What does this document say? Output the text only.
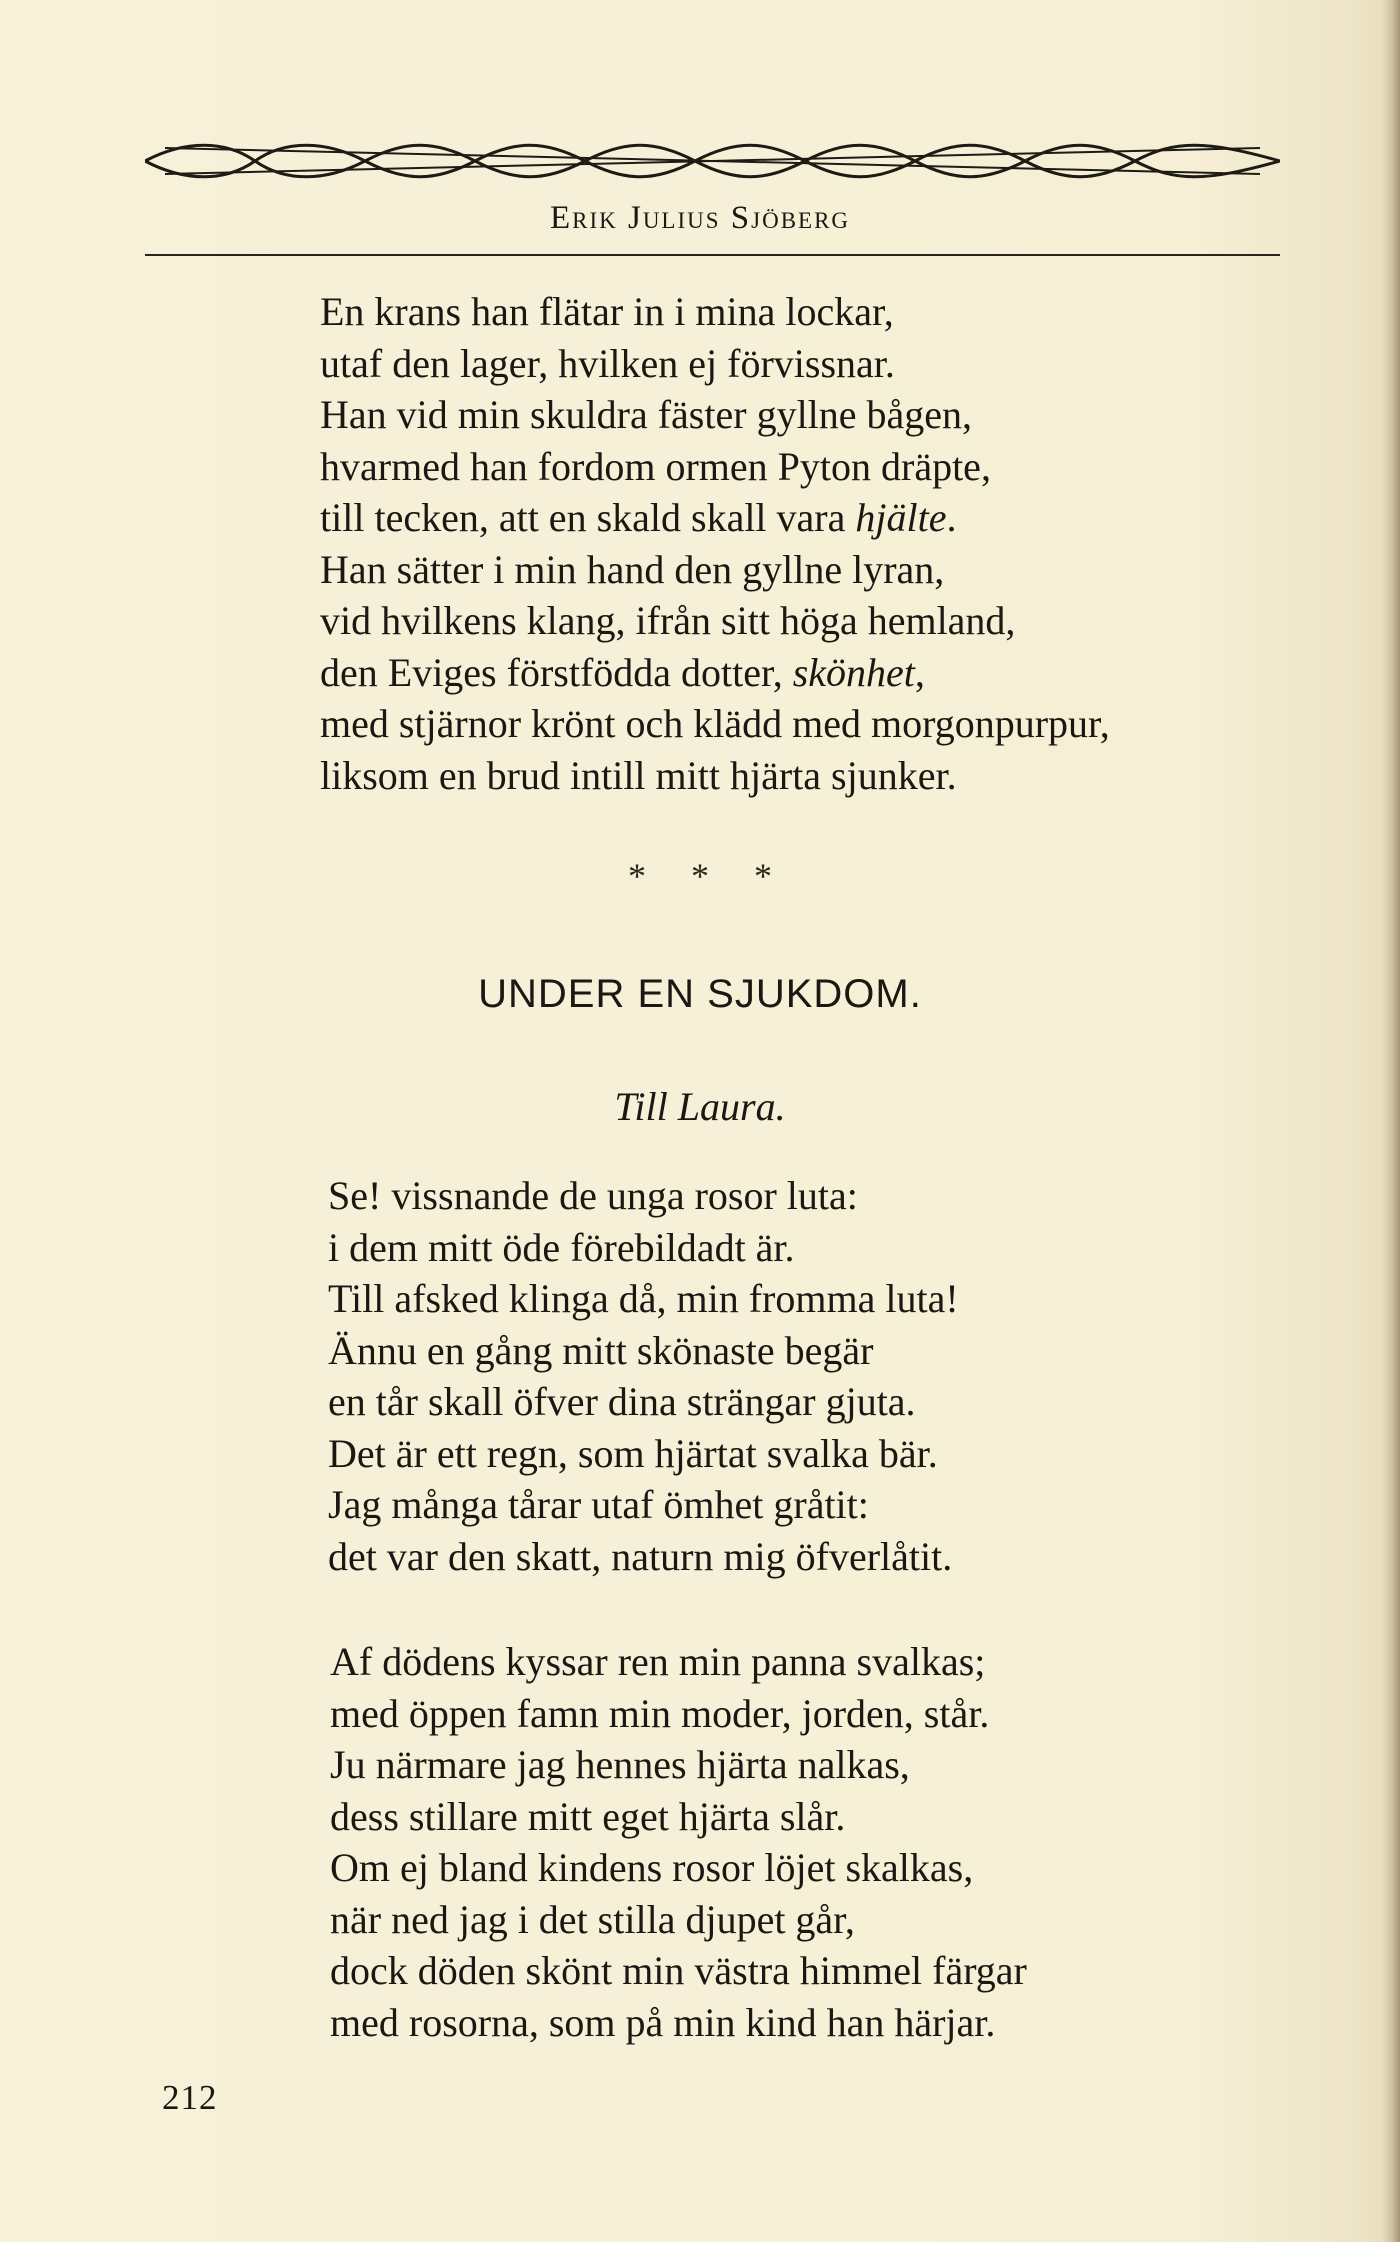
Erik Julius Sjöberg
En krans han flätar in i mina lockar,
utaf den lager, hvilken ej förvissnar.
Han vid min skuldra fäster gyllne bågen,
hvarmed han fordom ormen Pyton dräpte,
till tecken, att en skald skall vara hjälte.
Han sätter i min hand den gyllne lyran,
vid hvilkens klang, ifrån sitt höga hemland,
den Eviges förstfödda dotter, skönhet,
med stjärnor krönt och klädd med morgonpurpur,
liksom en brud intill mitt hjärta sjunker.
* * *
UNDER EN SJUKDOM.
Till Laura.
Se! vissnande de unga rosor luta:
i dem mitt öde förebildadt är.
Till afsked klinga då, min fromma luta!
Ännu en gång mitt skönaste begär
en tår skall öfver dina strängar gjuta.
Det är ett regn, som hjärtat svalka bär.
Jag många tårar utaf ömhet gråtit:
det var den skatt, naturn mig öfverlåtit.
Af dödens kyssar ren min panna svalkas;
med öppen famn min moder, jorden, står.
Ju närmare jag hennes hjärta nalkas,
dess stillare mitt eget hjärta slår.
Om ej bland kindens rosor löjet skalkas,
när ned jag i det stilla djupet går,
dock döden skönt min västra himmel färgar
med rosorna, som på min kind han härjar.
212
